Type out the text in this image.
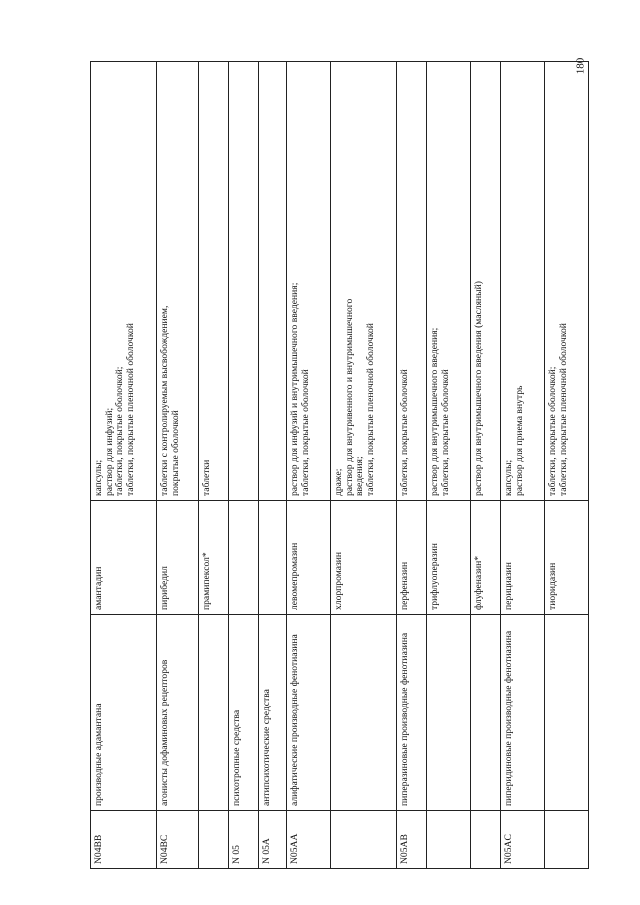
180
N04BB	производные адамантана	амантадин	капсулы; раствор для инфузий; таблетки, покрытые оболочкой; таблетки, покрытые пленочной оболочкой

N04BC	агонисты дофаминовых рецепторов	пирибедил	таблетки с контролируемым высвобождением, покрытые оболочкой

		прамипексол*	таблетки

N 05	психотропные средства		
N 05A	антипсихотические средства		
N05AA	алифатические производные фенотиазина	левомепромазин	раствор для инфузий и внутримышечного введения; таблетки, покрытые оболочкой

		хлорпромазин	драже; раствор для внутривенного и внутримышечного введения; таблетки, покрытые пленочной оболочкой

N05AB	пиперазиновые производные фенотиазина	перфеназин	таблетки, покрытые оболочкой

		трифлуоперазин	раствор для внутримышечного введения; таблетки, покрытые оболочкой

		флуфеназин*	раствор для внутримышечного введения (масляный)

N05AC	пиперидиновые производные фенотиазина	перициазин	капсулы; раствор для приема внутрь

		тиоридазин	таблетки, покрытые оболочкой; таблетки, покрытые пленочной оболочкой
